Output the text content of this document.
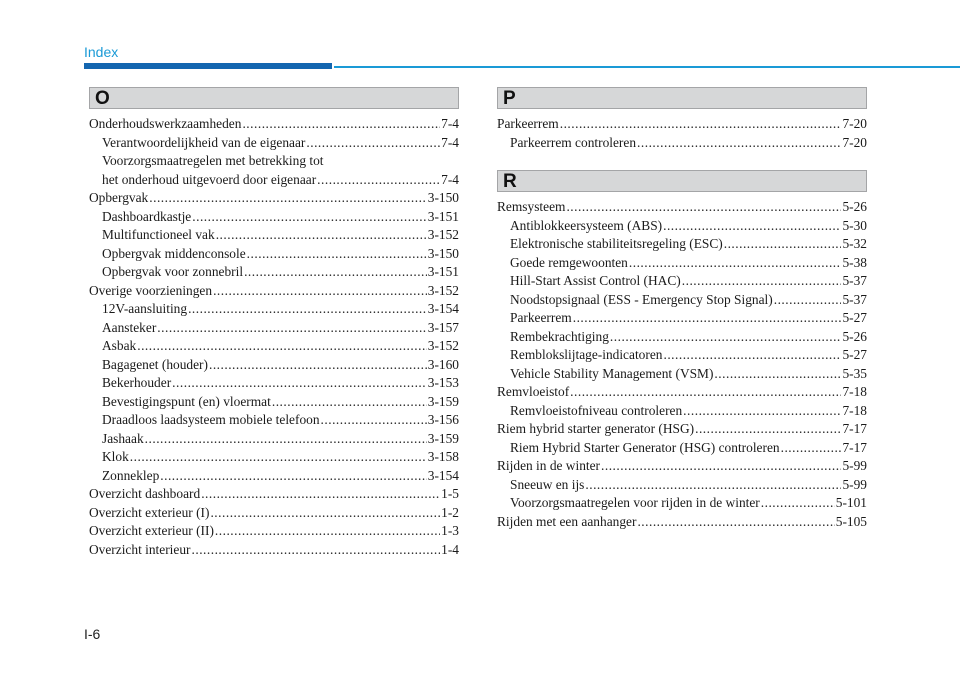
Index
O
Onderhoudswerkzaamheden .....	7-4
Verantwoordelijkheid van de eigenaar .....	7-4
Voorzorgsmaatregelen met betrekking tot
het onderhoud uitgevoerd door eigenaar .....	7-4
Opbergvak .....	3-150
Dashboardkastje .....	3-151
Multifunctioneel vak .....	3-152
Opbergvak middenconsole .....	3-150
Opbergvak voor zonnebril .....	3-151
Overige voorzieningen .....	3-152
12V-aansluiting .....	3-154
Aansteker .....	3-157
Asbak .....	3-152
Bagagenet (houder) .....	3-160
Bekerhouder .....	3-153
Bevestigingspunt (en) vloermat .....	3-159
Draadloos laadsysteem mobiele telefoon .....	3-156
Jashaak .....	3-159
Klok .....	3-158
Zonneklep .....	3-154
Overzicht dashboard .....	1-5
Overzicht exterieur (I) .....	1-2
Overzicht exterieur (II) .....	1-3
Overzicht interieur .....	1-4
P
Parkeerrem .....	7-20
Parkeerrem controleren .....	7-20
R
Remsysteem .....	5-26
Antiblokkeersysteem (ABS) .....	5-30
Elektronische stabiliteitsregeling (ESC) .....	5-32
Goede remgewoonten .....	5-38
Hill-Start Assist Control (HAC) .....	5-37
Noodstopsignaal (ESS - Emergency Stop Signal) .....	5-37
Parkeerrem .....	5-27
Rembekrachtiging .....	5-26
Remblokslijtage-indicatoren .....	5-27
Vehicle Stability Management (VSM) .....	5-35
Remvloeistof .....	7-18
Remvloeistofniveau controleren .....	7-18
Riem hybrid starter generator (HSG) .....	7-17
Riem Hybrid Starter Generator (HSG) controleren .....	7-17
Rijden in de winter .....	5-99
Sneeuw en ijs .....	5-99
Voorzorgsmaatregelen voor rijden in de winter .....	5-101
Rijden met een aanhanger .....	5-105
I-6
